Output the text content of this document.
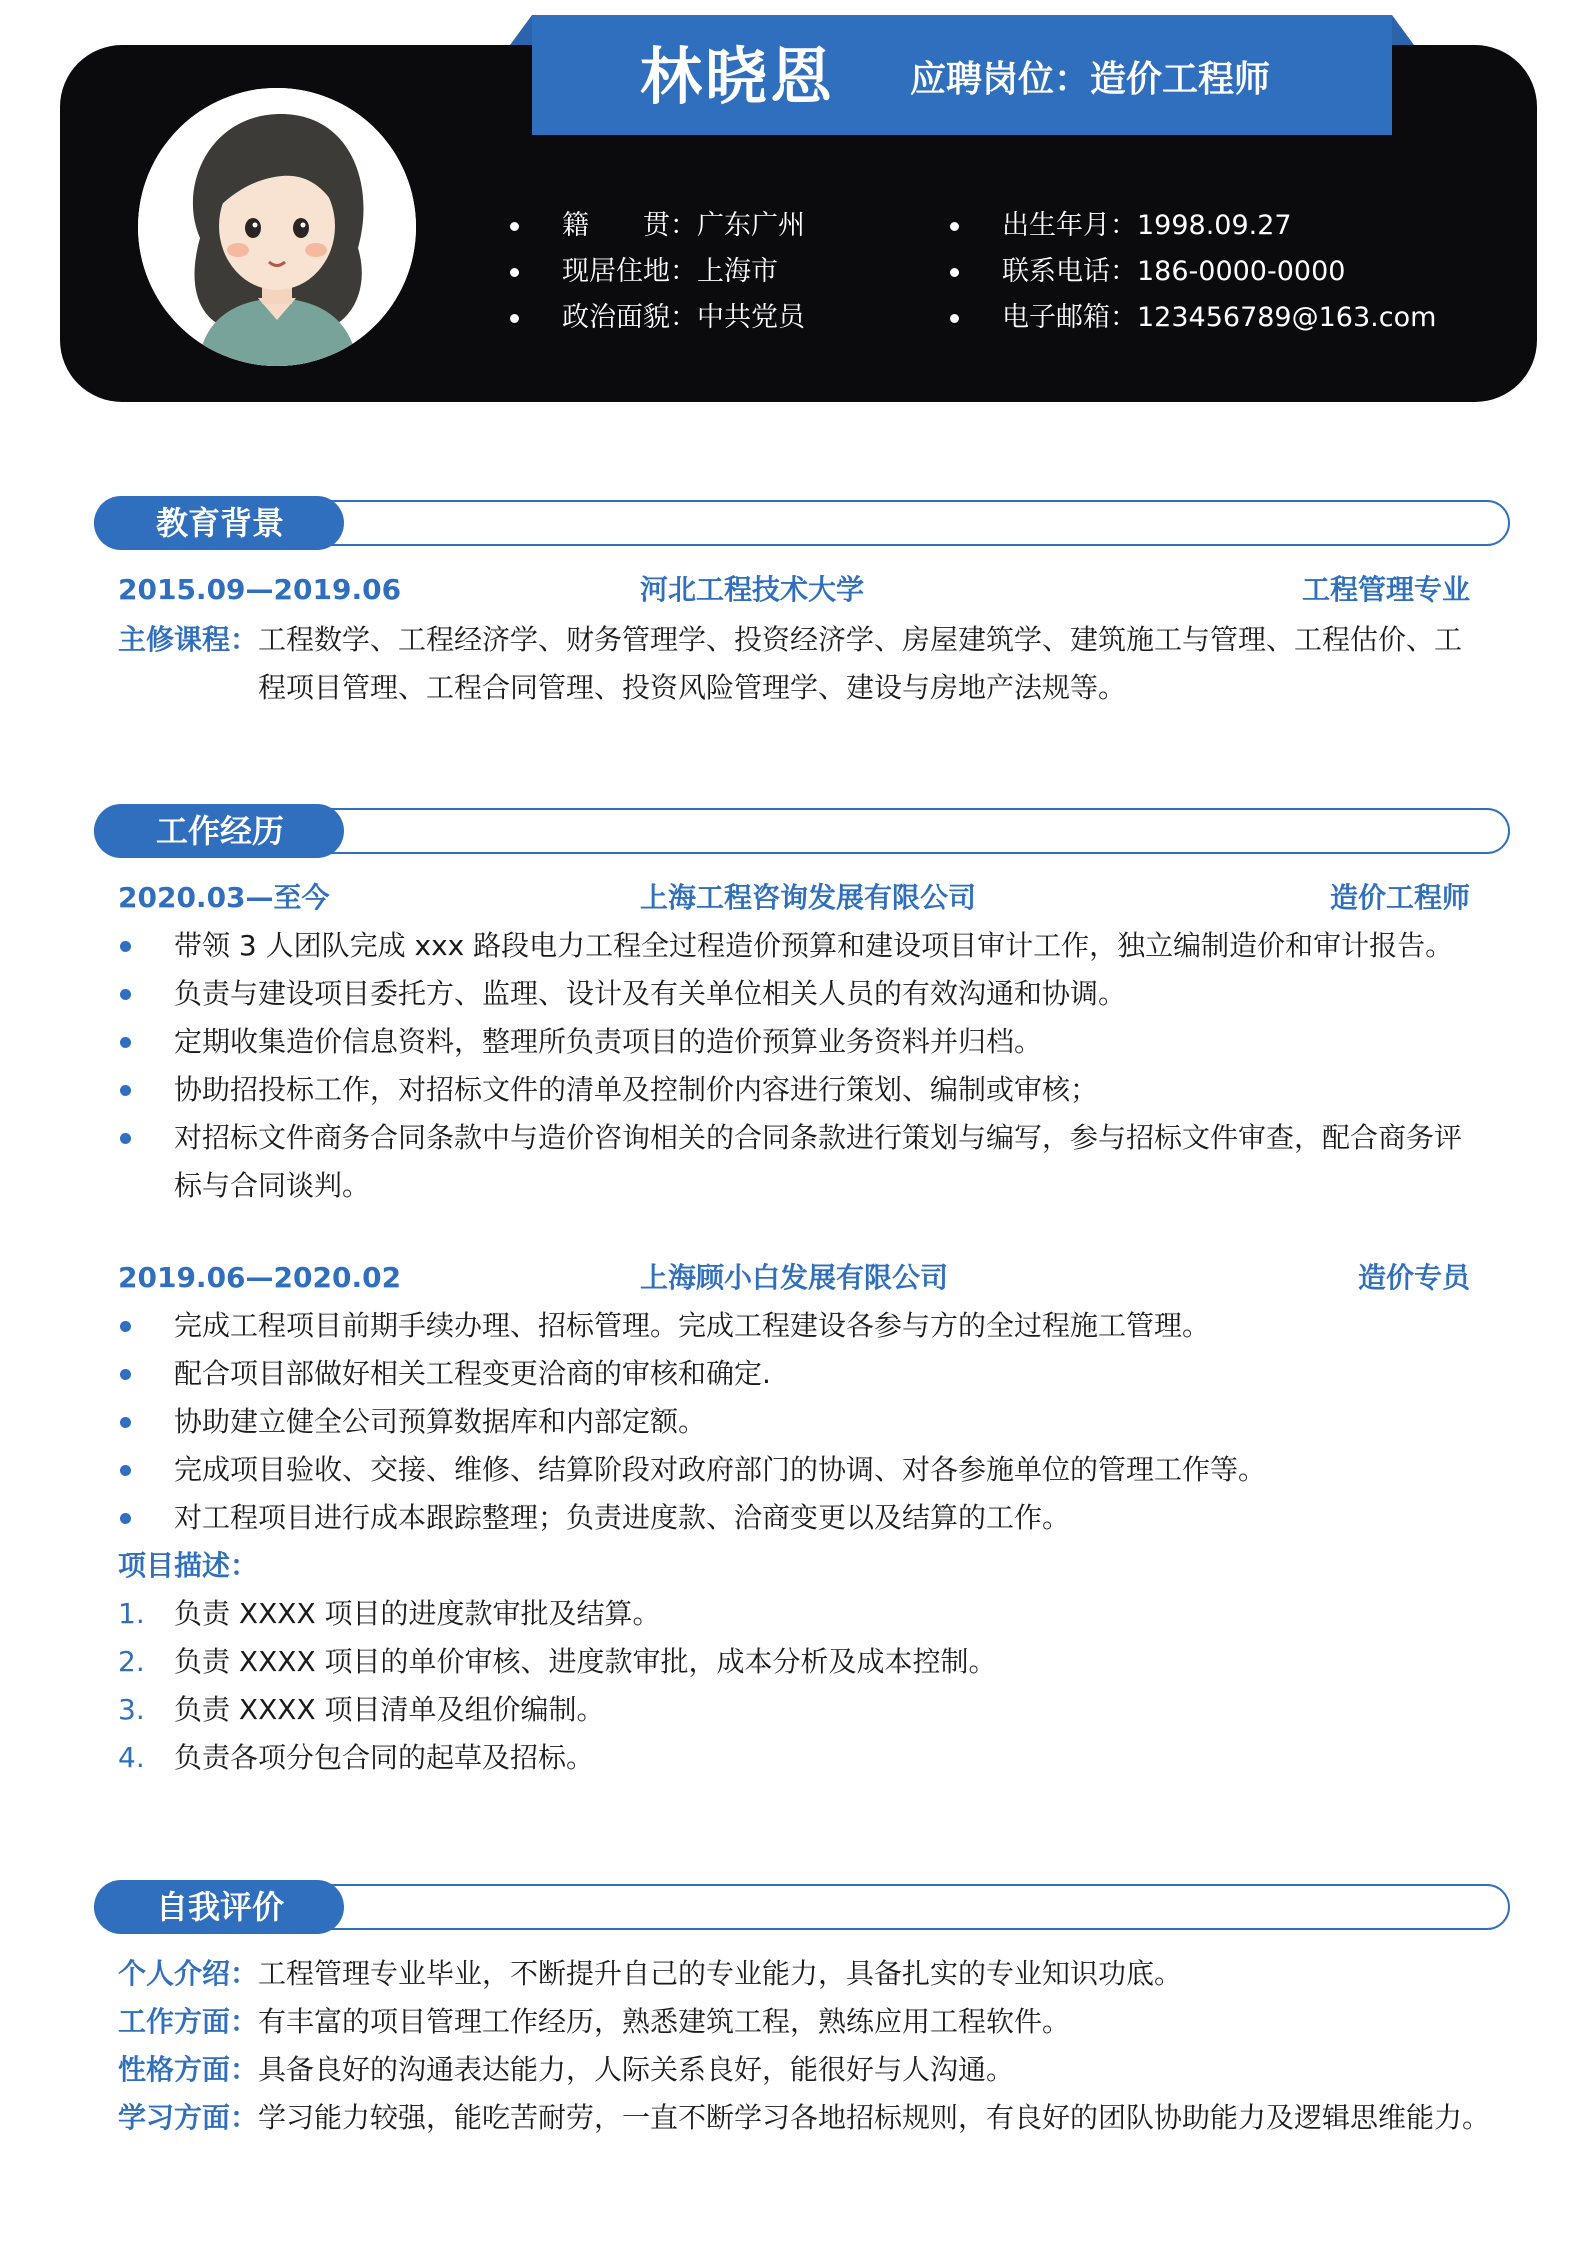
林晓恩 应聘岗位：造价工程师
籍　　贯：广东广州
现居住地：上海市
政治面貌：中共党员
出生年月：1998.09.27
联系电话：186-0000-0000
电子邮箱：123456789@163.com
教育背景
2015.09—2019.06	河北工程技术大学	工程管理专业
主修课程： 工程数学、工程经济学、财务管理学、投资经济学、房屋建筑学、建筑施工与管理、工程估价、工
程项目管理、工程合同管理、投资风险管理学、建设与房地产法规等。
工作经历
2020.03—至今	上海工程咨询发展有限公司	造价工程师
带领 3 人团队完成 xxx 路段电力工程全过程造价预算和建设项目审计工作，独立编制造价和审计报告。
负责与建设项目委托方、监理、设计及有关单位相关人员的有效沟通和协调。
定期收集造价信息资料，整理所负责项目的造价预算业务资料并归档。
协助招投标工作，对招标文件的清单及控制价内容进行策划、编制或审核；
对招标文件商务合同条款中与造价咨询相关的合同条款进行策划与编写，参与招标文件审查，配合商务评
标与合同谈判。
2019.06—2020.02	上海顾小白发展有限公司	造价专员
完成工程项目前期手续办理、招标管理。完成工程建设各参与方的全过程施工管理。
配合项目部做好相关工程变更洽商的审核和确定.
协助建立健全公司预算数据库和内部定额。
完成项目验收、交接、维修、结算阶段对政府部门的协调、对各参施单位的管理工作等。
对工程项目进行成本跟踪整理；负责进度款、洽商变更以及结算的工作。
项目描述：
1. 负责 XXXX 项目的进度款审批及结算。
2. 负责 XXXX 项目的单价审核、进度款审批，成本分析及成本控制。
3. 负责 XXXX 项目清单及组价编制。
4. 负责各项分包合同的起草及招标。
自我评价
个人介绍： 工程管理专业毕业，不断提升自己的专业能力，具备扎实的专业知识功底。
工作方面： 有丰富的项目管理工作经历，熟悉建筑工程，熟练应用工程软件。
性格方面： 具备良好的沟通表达能力，人际关系良好，能很好与人沟通。
学习方面： 学习能力较强，能吃苦耐劳，一直不断学习各地招标规则，有良好的团队协助能力及逻辑思维能力。
